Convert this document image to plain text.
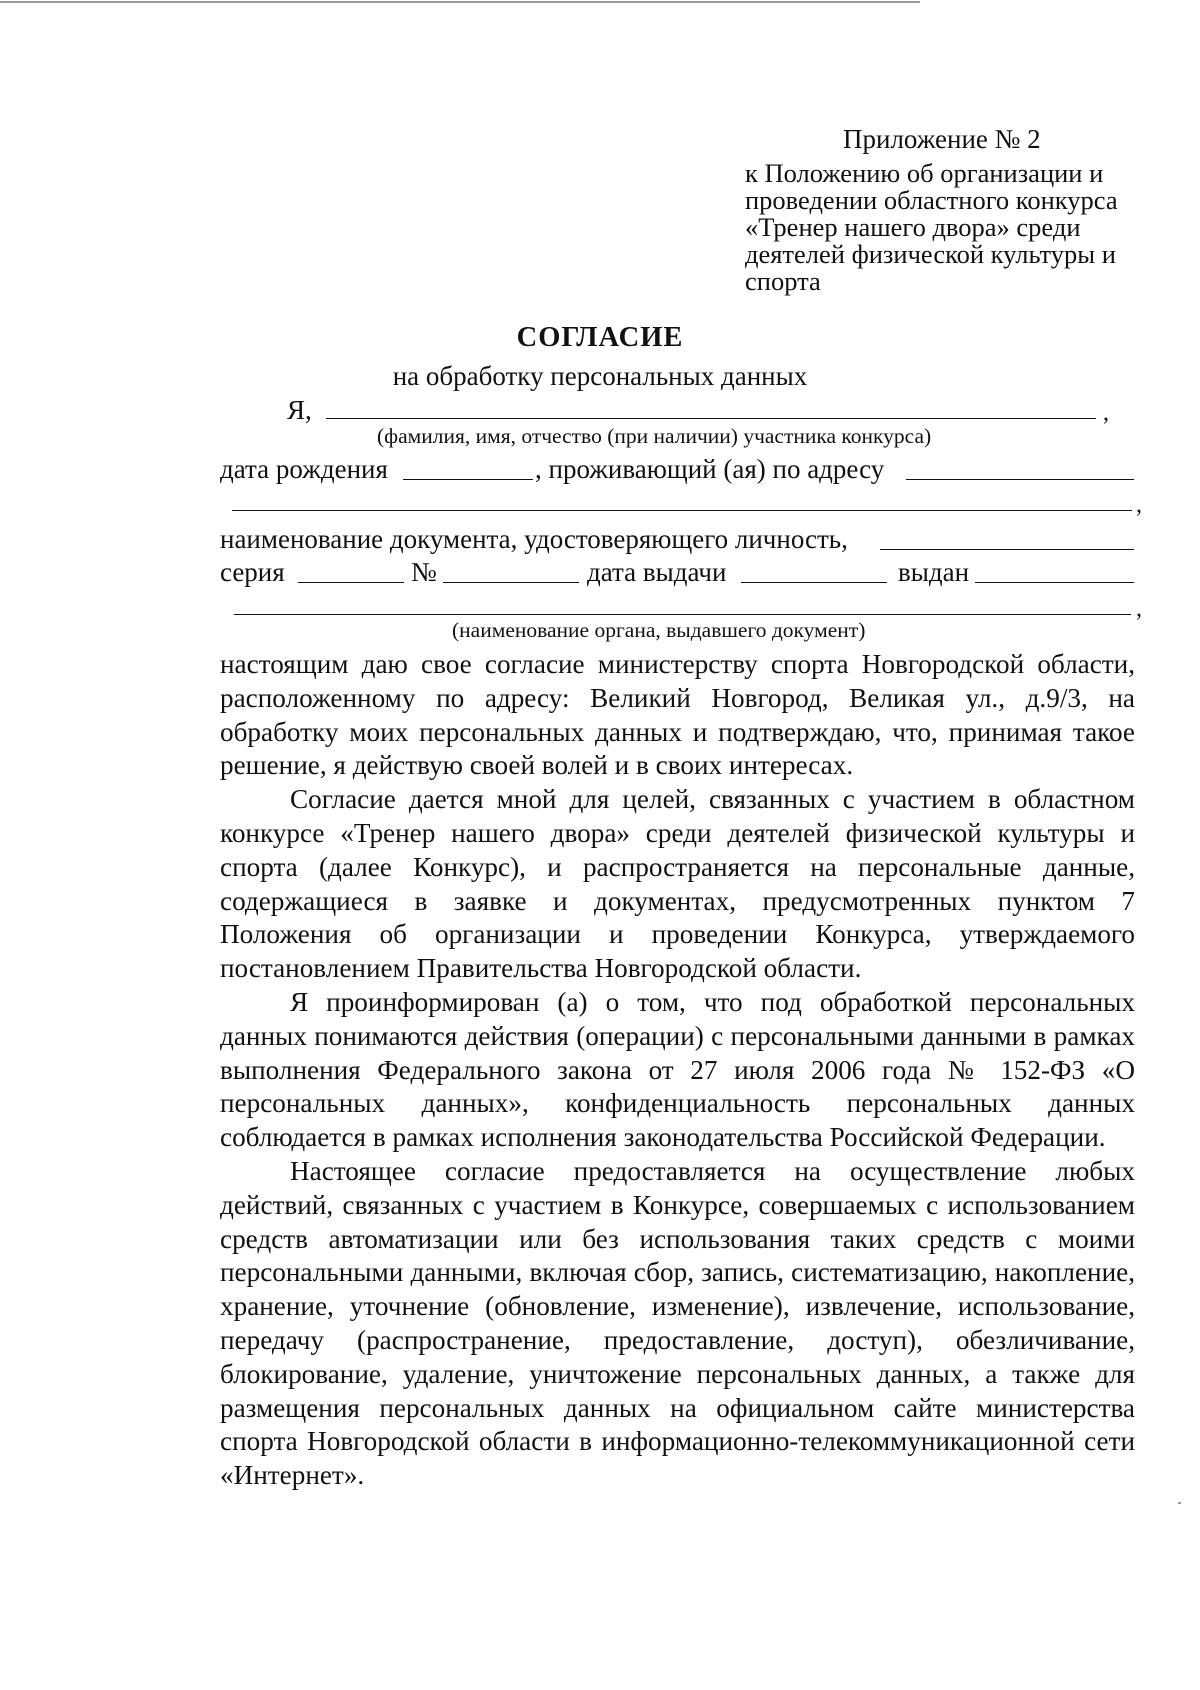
Приложение № 2
к Положению об организации и
проведении областного конкурса
«Тренер нашего двора» среди
деятелей физической культуры и
спорта
СОГЛАСИЕ
на обработку персональных данных
Я,	,
(фамилия, имя, отчество (при наличии) участника конкурса)
дата рождения	, проживающий (ая) по адресу
,
наименование документа, удостоверяющего личность,
серия	№	дата выдачи	выдан
,
(наименование органа, выдавшего документ)

настоящим даю свое согласие министерству спорта Новгородской области, расположенному по адресу: Великий Новгород, Великая ул., д.9/3, на обработку моих персональных данных и подтверждаю, что, принимая такое решение, я действую своей волей и в своих интересах.

Согласие дается мной для целей, связанных с участием в областном конкурсе «Тренер нашего двора» среди деятелей физической культуры и спорта (далее Конкурс), и распространяется на персональные данные, содержащиеся в заявке и документах, предусмотренных пунктом 7 Положения об организации и проведении Конкурса, утверждаемого постановлением Правительства Новгородской области.

Я проинформирован (а) о том, что под обработкой персональных данных понимаются действия (операции) с персональными данными в рамках выполнения Федерального закона от 27 июля 2006 года № 152-ФЗ «О персональных данных», конфиденциальность персональных данных соблюдается в рамках исполнения законодательства Российской Федерации.

Настоящее согласие предоставляется на осуществление любых действий, связанных с участием в Конкурсе, совершаемых с использованием средств автоматизации или без использования таких средств с моими персональными данными, включая сбор, запись, систематизацию, накопление, хранение, уточнение (обновление, изменение), извлечение, использование, передачу (распространение, предоставление, доступ), обезличивание, блокирование, удаление, уничтожение персональных данных, а также для размещения персональных данных на официальном сайте министерства спорта Новгородской области в информационно-телекоммуникационной сети «Интернет».
